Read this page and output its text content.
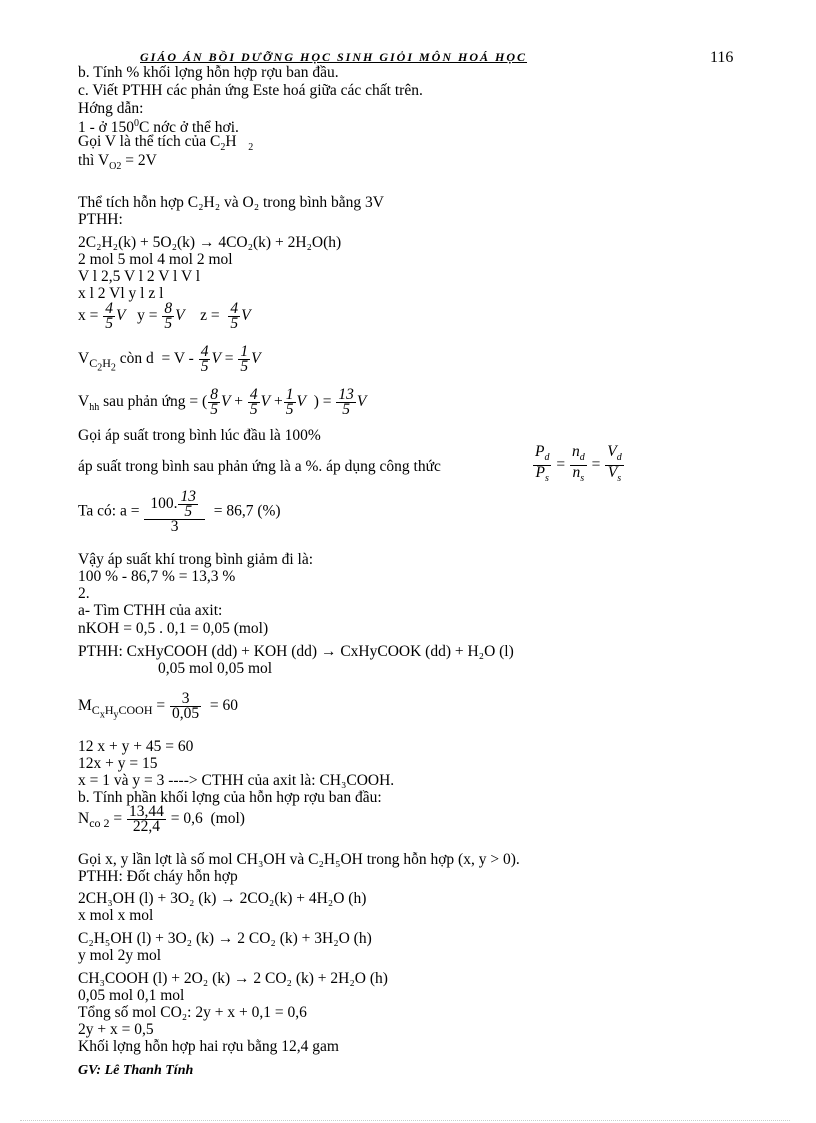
GIÁO ÁN BỒI DƯỠNG HỌC SINH GIỎI MÔN HOÁ HỌC	116
b. Tính % khối lợng hỗn hợp rợu ban đầu.
c. Viết PTHH các phản ứng Este hoá giữa các chất trên.
Hớng dẫn:
1 - ở $150^0C$ nớc ở thể hơi.
Gọi V là thể tích của $C_2H$ $_2$
thì $V_{O2} = 2V$
Thể tích hỗn hợp C₂H₂ và O₂ trong bình bằng 3V
PTHH:
2C₂H₂(k) + 5O₂(k) → 4CO₂(k) + 2H₂O(h)
2 mol 5 mol 4 mol 2 mol
V l 2,5 V l 2 V l V l
x l 2 Vl y l z l
$x = \frac{4}{5}$ V   $y = \frac{8}{5}$ V    $z = \frac{4}{5}$ V
$V_{C_2H_2}$ còn $d = V - \frac{4}{5}$ $V = \frac{1}{5}$ V
$V_{hh}$ sau phản ứng = ( $\frac{8}{5}$ $V + \frac{4}{5}$ $V + \frac{1}{5}$ V  ) = $\frac{13}{5}$ V
Gọi áp suất trong bình lúc đầu là 100%
áp suất trong bình sau phản ứng là a %. áp dụng công thức	$\frac{P_d}{P_s} = \frac{n_d}{n_s} = \frac{V_d}{V_s}$
Ta có: $a = \frac{100. \frac{13}{5}}{3} = 86,7$ (%)
Vậy áp suất khí trong bình giảm đi là:
100 % - 86,7 % = 13,3 %
2.
a- Tìm CTHH của axit:
nKOH = 0,5 . 0,1 = 0,05 (mol)
PTHH: CxHyCOOH (dd) + KOH (dd) → CxHyCOOK (dd) + H₂O (l)
0,05 mol 0,05 mol
$M_{C_xH_yCOOH} = \frac{3}{0,05} = 60$
12 x + y + 45 = 60
12x + y = 15
x = 1 và y = 3 ----> CTHH của axit là: CH₃COOH.
b. Tính phần khối lợng của hỗn hợp rợu ban đầu:
$N_{co 2} = \frac{13,44}{22,4} = 0,6$  (mol)
Gọi x, y lần lợt là số mol CH₃OH và C₂H₅OH trong hỗn hợp (x, y > 0).
PTHH: Đốt cháy hỗn hợp
2CH₃OH (l) + 3O₂ (k) → 2CO₂(k) + 4H₂O (h)
x mol x mol
C₂H₅OH (l) + 3O₂ (k) → 2 CO₂ (k) + 3H₂O (h)
y mol 2y mol
CH₃COOH (l) + 2O₂ (k) → 2 CO₂ (k) + 2H₂O (h)
0,05 mol 0,1 mol
Tổng số mol CO₂: 2y + x + 0,1 = 0,6
2y + x = 0,5
Khối lợng hỗn hợp hai rợu bằng 12,4 gam
GV: Lê Thanh Tính
